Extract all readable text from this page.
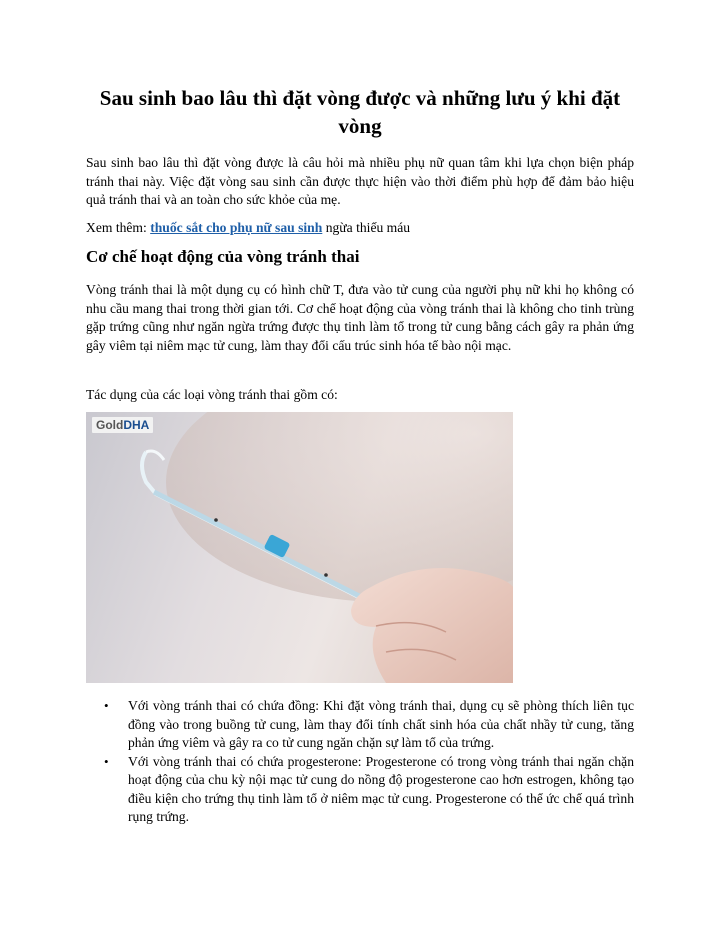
Sau sinh bao lâu thì đặt vòng được và những lưu ý khi đặt vòng

Sau sinh bao lâu thì đặt vòng được là câu hỏi mà nhiều phụ nữ quan tâm khi lựa chọn biện pháp tránh thai này. Việc đặt vòng sau sinh cần được thực hiện vào thời điểm phù hợp để đảm bảo hiệu quả tránh thai và an toàn cho sức khỏe của mẹ.

Xem thêm: thuốc sắt cho phụ nữ sau sinh ngừa thiếu máu

Cơ chế hoạt động của vòng tránh thai

Vòng tránh thai là một dụng cụ có hình chữ T, đưa vào tử cung của người phụ nữ khi họ không có nhu cầu mang thai trong thời gian tới. Cơ chế hoạt động của vòng tránh thai là không cho tinh trùng gặp trứng cũng như ngăn ngừa trứng được thụ tinh làm tổ trong tử cung bằng cách gây ra phản ứng gây viêm tại niêm mạc tử cung, làm thay đổi cấu trúc sinh hóa tế bào nội mạc.

Tác dụng của các loại vòng tránh thai gồm có:

GoldDHA
• Với vòng tránh thai có chứa đồng: Khi đặt vòng tránh thai, dụng cụ sẽ phòng thích liên tục đồng vào trong buồng tử cung, làm thay đổi tính chất sinh hóa của chất nhầy tử cung, tăng phản ứng viêm và gây ra co tử cung ngăn chặn sự làm tổ của trứng.
• Với vòng tránh thai có chứa progesterone: Progesterone có trong vòng tránh thai ngăn chặn hoạt động của chu kỳ nội mạc tử cung do nồng độ progesterone cao hơn estrogen, không tạo điều kiện cho trứng thụ tinh làm tổ ở niêm mạc tử cung. Progesterone có thể ức chế quá trình rụng trứng.
